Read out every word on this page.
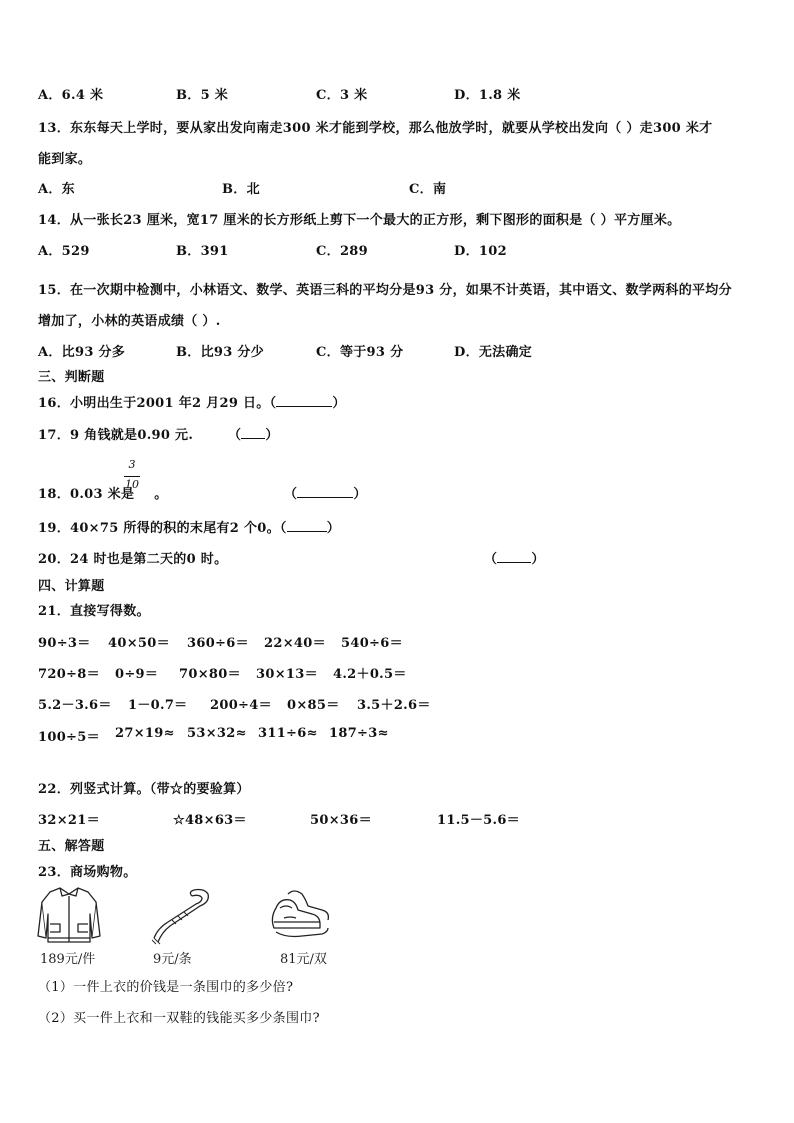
A．6.4 米	B．5 米	C．3 米	D．1.8 米
13．东东每天上学时，要从家出发向南走300 米才能到学校，那么他放学时，就要从学校出发向（ ）走300 米才
能到家。
A．东	B．北	C．南
14．从一张长23 厘米，宽17 厘米的长方形纸上剪下一个最大的正方形，剩下图形的面积是（ ）平方厘米。
A．529	B．391	C．289	D．102
15．在一次期中检测中，小林语文、数学、英语三科的平均分是93 分，如果不计英语，其中语文、数学两科的平均分
增加了，小林的英语成绩（ ）.
A．比93 分多	B．比93 分少	C．等于93 分	D．无法确定
三、判断题
16．小明出生于2001 年2 月29 日。（	）
17．9 角钱就是0.90 元.	（ ）
3
10
18．0.03 米是 。	（	）
19．40×75 所得的积的末尾有2 个0。（	）
20．24 时也是第二天的0 时。	（	）
四、计算题
21．直接写得数。
90÷3＝ 40×50＝ 360÷6＝ 22×40＝ 540÷6＝
720÷8＝ 0÷9＝ 70×80＝ 30×13＝ 4.2＋0.5＝
5.2－3.6＝ 1－0.7＝ 200÷4＝ 0×85＝ 3.5＋2.6＝
100÷5＝ 27×19≈ 53×32≈ 311÷6≈ 187÷3≈
22．列竖式计算。（带☆的要验算）
32×21＝	☆48×63＝	50×36＝	11.5－5.6＝
五、解答题
23．商场购物。
189元/件	9元/条	81元/双
（1）一件上衣的价钱是一条围巾的多少倍?
（2）买一件上衣和一双鞋的钱能买多少条围巾?
